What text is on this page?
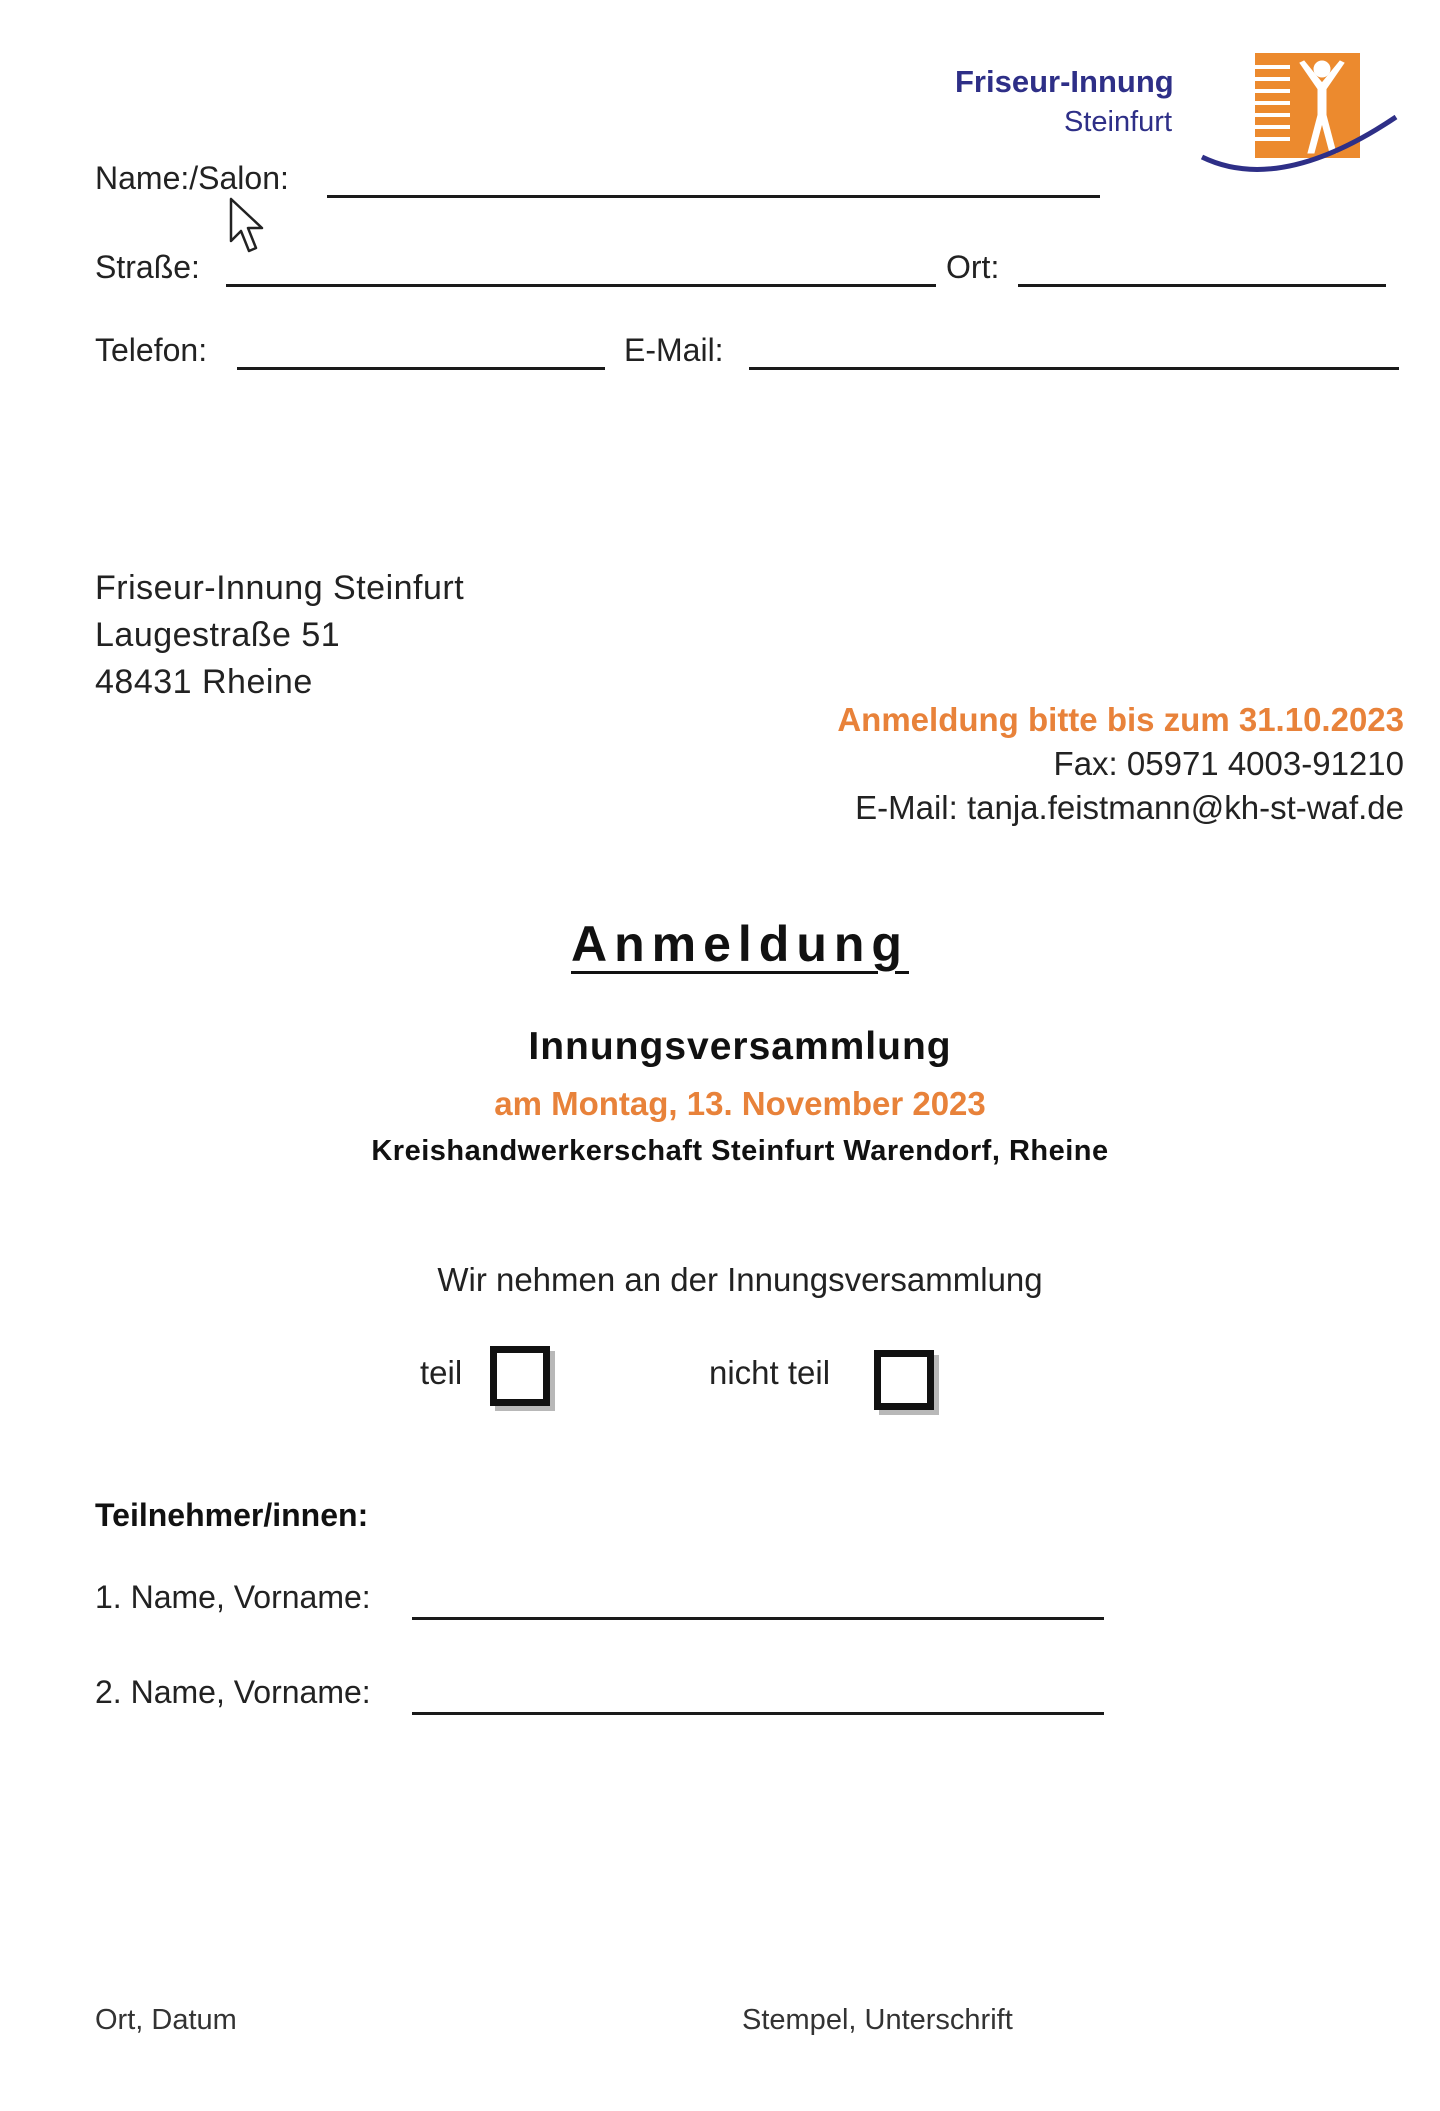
Friseur-Innung
Steinfurt
Name:/Salon:
Straße:	Ort:
Telefon:	E-Mail:
Friseur-Innung Steinfurt
Laugestraße 51
48431 Rheine
Anmeldung bitte bis zum 31.10.2023
Fax: 05971 4003-91210
E-Mail: tanja.feistmann@kh-st-waf.de
Anmeldung
Innungsversammlung
am Montag, 13. November 2023
Kreishandwerkerschaft Steinfurt Warendorf, Rheine
Wir nehmen an der Innungsversammlung
teil	nicht teil
Teilnehmer/innen:
1. Name, Vorname:
2. Name, Vorname:
Ort, Datum	Stempel, Unterschrift
